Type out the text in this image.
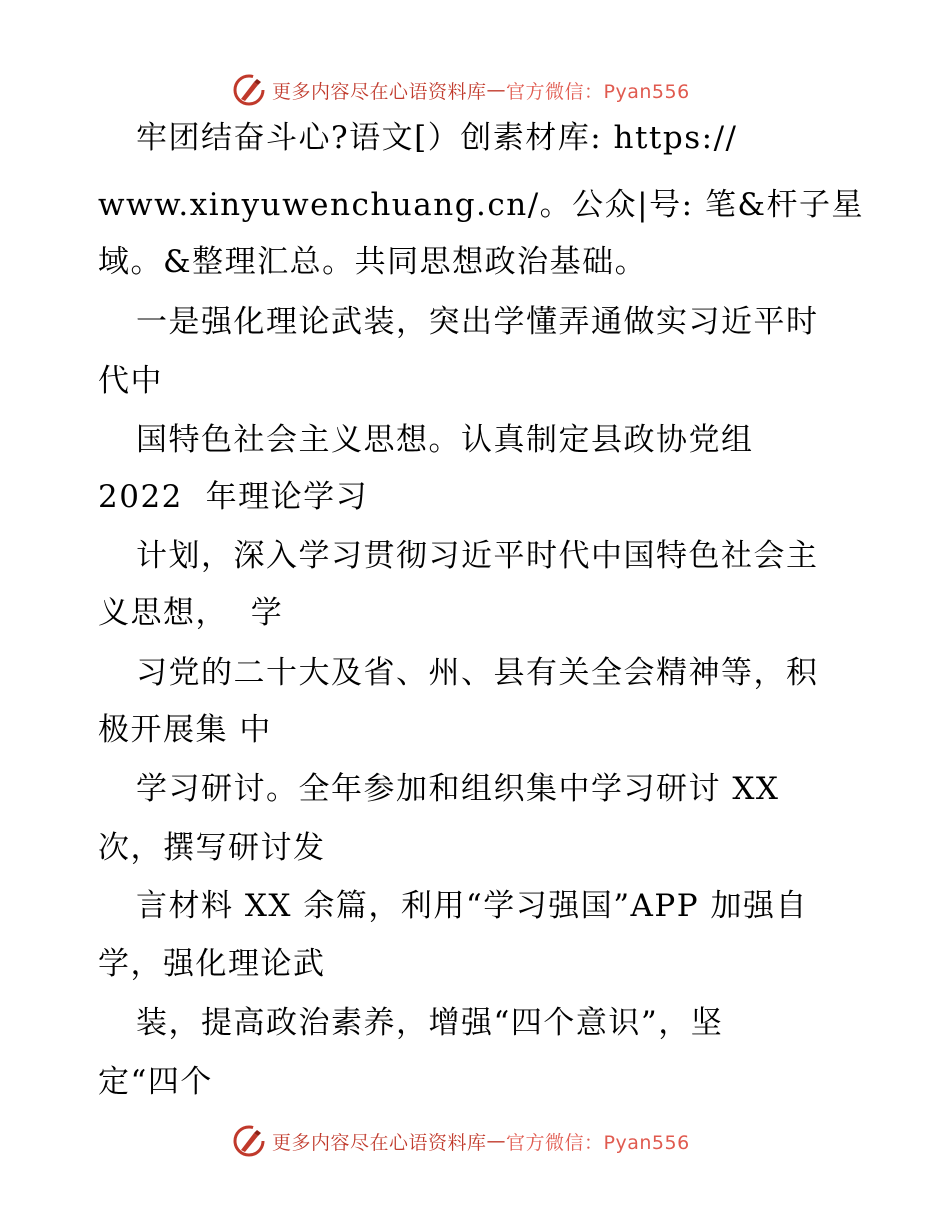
更多内容尽在心语资料库 — 官方微信：Pyan556
牢团结奋斗心?语文[）创素材库: https://
www.xinyuwenchuang.cn/。公众|号: 笔&杆子星
域。&整理汇总。共同思想政治基础。
一是强化理论武装，突出学懂弄通做实习近平时
代中
国特色社会主义思想。认真制定县政协党组
2022  年理论学习
计划，深入学习贯彻习近平时代中国特色社会主
义思想，  学
习党的二十大及省、州、县有关全会精神等，积
极开展集 中
学习研讨。全年参加和组织集中学习研讨 XX
次，撰写研讨发
言材料 XX 余篇，利用“学习强国”APP 加强自
学，强化理论武
装，提高政治素养，增强“四个意识”，坚
定“四个
更多内容尽在心语资料库 — 官方微信：Pyan556
